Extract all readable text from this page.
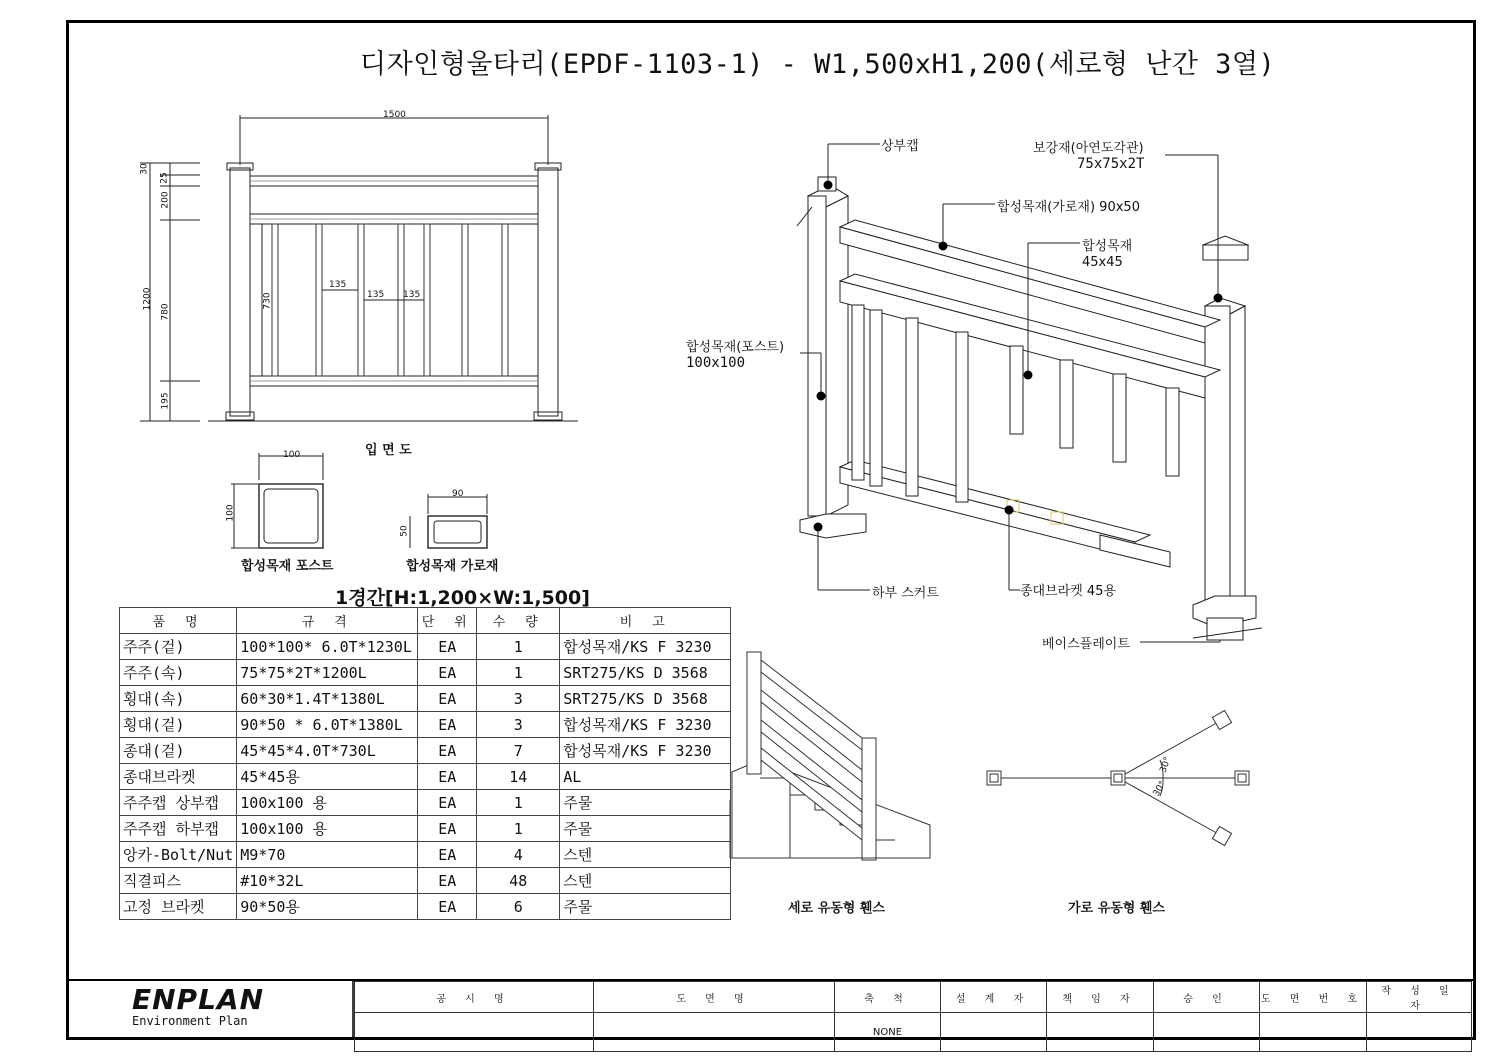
디자인형울타리(EPDF-1103-1) - W1,500xH1,200(세로형 난간 3열)
1500
1200
30
25
200
780
195
730
135
135 135
입 면 도
100
100
합성목재 포스트
90
50
합성목재 가로재
상부캡	보강재(아연도각관)
75x75x2T
합성목재(가로재) 90x50
합성목재
45x45
합성목재(포스트)
100x100
하부 스커트	종대브라켓 45용
베이스플레이트
세로 유동형 휀스	가로 유동형 휀스
30°
30°
1경간[H:1,200×W:1,500]
품 명	규 격	단 위	수 량	비 고
주주(겉)	100*100* 6.0T*1230L	EA	1	합성목재/KS F 3230
주주(속)	75*75*2T*1200L	EA	1	SRT275/KS D 3568
횡대(속)	60*30*1.4T*1380L	EA	3	SRT275/KS D 3568
횡대(겉)	90*50 * 6.0T*1380L	EA	3	합성목재/KS F 3230
종대(겉)	45*45*4.0T*730L	EA	7	합성목재/KS F 3230
종대브라켓	45*45용	EA	14	AL
주주캡 상부캡	100x100 용	EA	1	주물
주주캡 하부캡	100x100 용	EA	1	주물
앙카-Bolt/Nut	M9*70	EA	4	스텐
직결피스	#10*32L	EA	48	스텐
고정 브라켓	90*50용	EA	6	주물
ENPLAN
Environment Plan
공 시 명	도 면 명	축 척	설 계 자	책 임 자	승 인	도 면 번 호	작 성 일 자
		NONE					
